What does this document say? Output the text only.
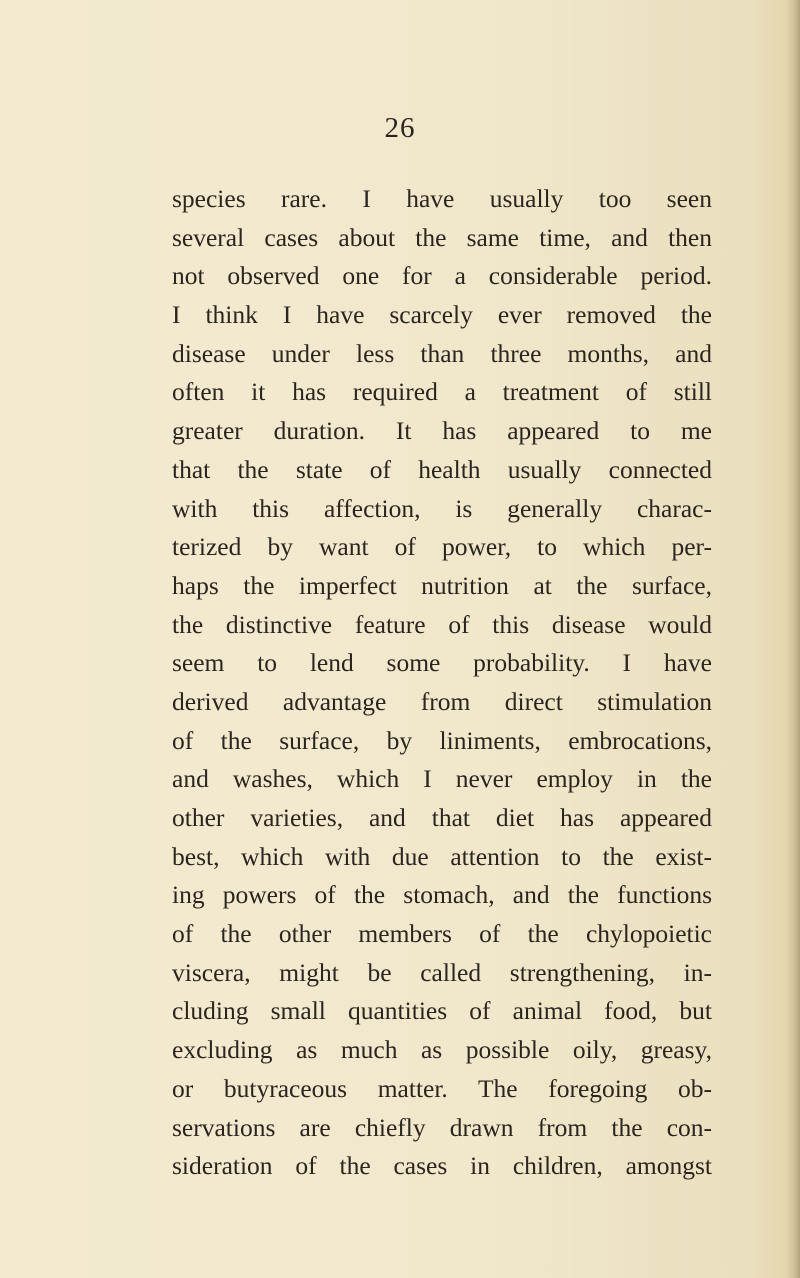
26
species rare. I have usually too seen
several cases about the same time, and then
not observed one for a considerable period.
I think I have scarcely ever removed the
disease under less than three months, and
often it has required a treatment of still
greater duration. It has appeared to me
that the state of health usually connected
with this affection, is generally charac-
terized by want of power, to which per-
haps the imperfect nutrition at the surface,
the distinctive feature of this disease would
seem to lend some probability. I have
derived advantage from direct stimulation
of the surface, by liniments, embrocations,
and washes, which I never employ in the
other varieties, and that diet has appeared
best, which with due attention to the exist-
ing powers of the stomach, and the functions
of the other members of the chylopoietic
viscera, might be called strengthening, in-
cluding small quantities of animal food, but
excluding as much as possible oily, greasy,
or butyraceous matter. The foregoing ob-
servations are chiefly drawn from the con-
sideration of the cases in children, amongst
